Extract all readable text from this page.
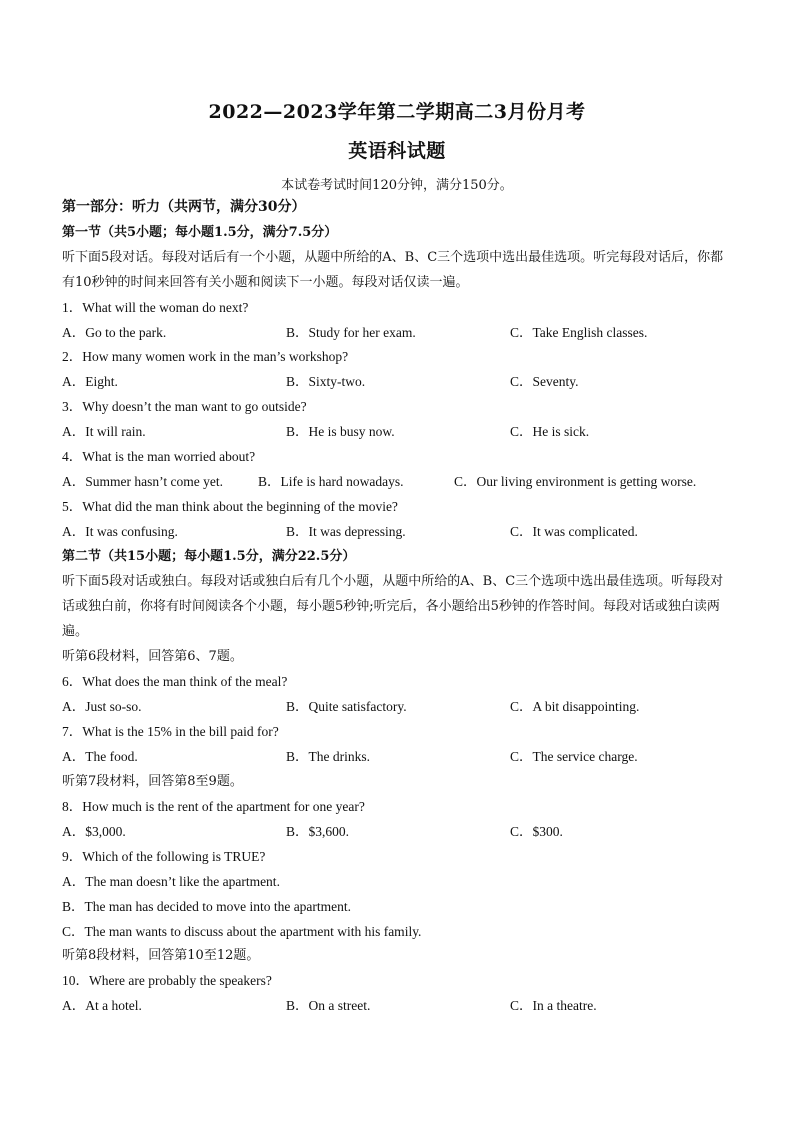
2022—2023学年第二学期高二3月份月考
英语科试题
本试卷考试时间120分钟，满分150分。
第一部分：听力（共两节，满分30分）
第一节（共5小题；每小题1.5分，满分7.5分）
听下面5段对话。每段对话后有一个小题，从题中所给的A、B、C三个选项中选出最佳选项。听完每段对话后，你都有10秒钟的时间来回答有关小题和阅读下一小题。每段对话仅读一遍。
1．What will the woman do next?
A．Go to the park.	B．Study for her exam.	C．Take English classes.
2．How many women work in the man’s workshop?
A．Eight.	B．Sixty-two.	C．Seventy.
3．Why doesn’t the man want to go outside?
A．It will rain.	B．He is busy now.	C．He is sick.
4．What is the man worried about?
A．Summer hasn’t come yet.	B．Life is hard nowadays.	C．Our living environment is getting worse.
5．What did the man think about the beginning of the movie?
A．It was confusing.	B．It was depressing.	C．It was complicated.
第二节（共15小题；每小题1.5分，满分22.5分）
听下面5段对话或独白。每段对话或独白后有几个小题，从题中所给的A、B、C三个选项中选出最佳选项。听每段对话或独白前，你将有时间阅读各个小题，每小题5秒钟;听完后，各小题给出5秒钟的作答时间。每段对话或独白读两遍。
听第6段材料，回答第6、7题。
6．What does the man think of the meal?
A．Just so-so.	B．Quite satisfactory.	C．A bit disappointing.
7．What is the 15% in the bill paid for?
A．The food.	B．The drinks.	C．The service charge.
听第7段材料，回答第8至9题。
8．How much is the rent of the apartment for one year?
A．$3,000.	B．$3,600.	C．$300.
9．Which of the following is TRUE?
A．The man doesn’t like the apartment.
B．The man has decided to move into the apartment.
C．The man wants to discuss about the apartment with his family.
听第8段材料，回答第10至12题。
10．Where are probably the speakers?
A．At a hotel.	B．On a street.	C．In a theatre.
